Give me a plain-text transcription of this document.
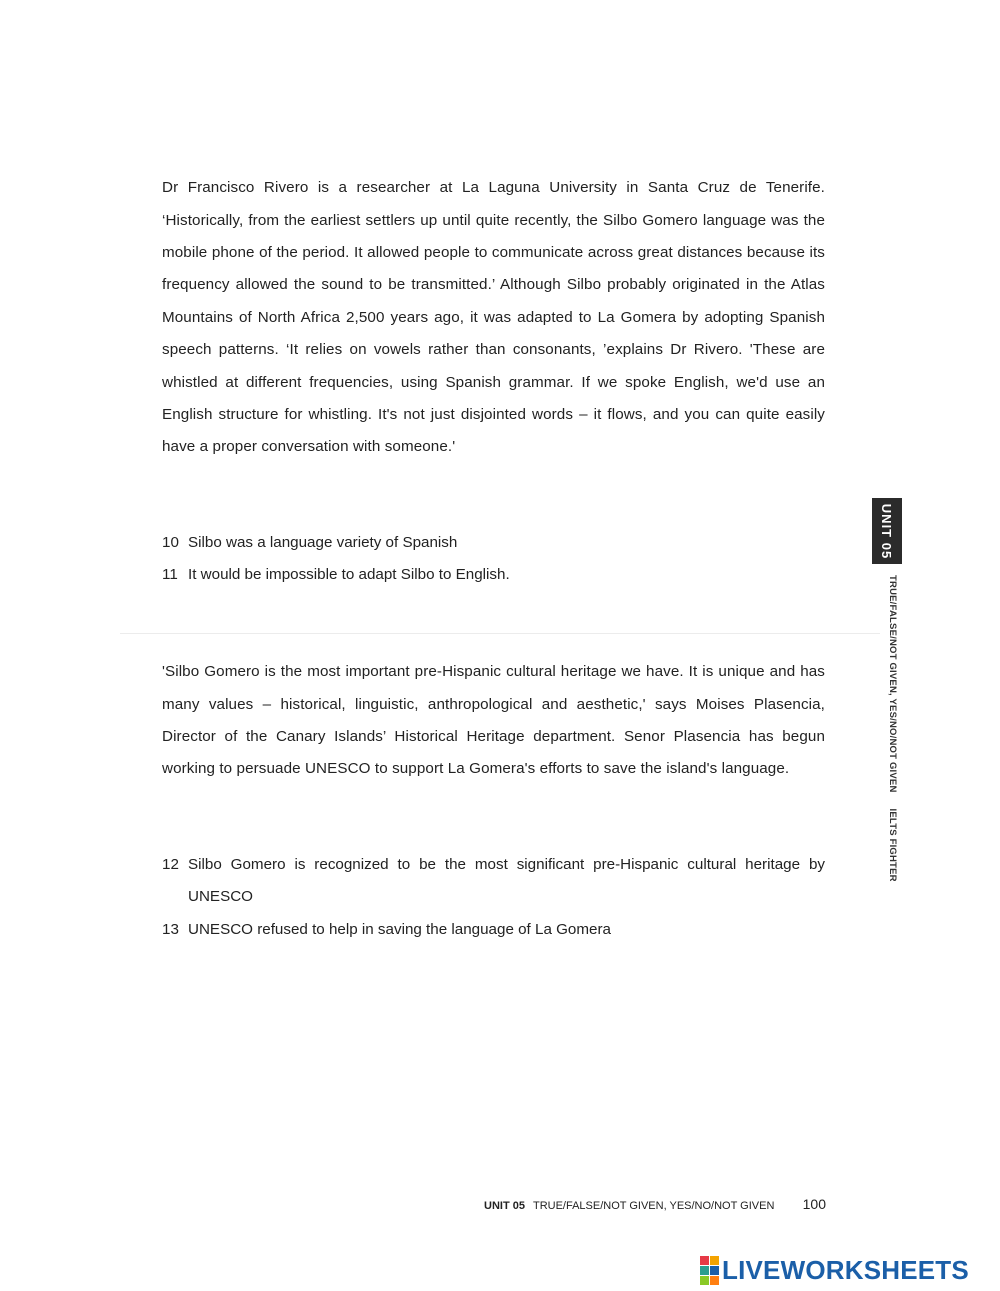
Dr Francisco Rivero is a researcher at La Laguna University in Santa Cruz de Tenerife. ‘Historically, from the earliest settlers up until quite recently, the Silbo Gomero language was the mobile phone of the period. It allowed people to communicate across great distances because its frequency allowed the sound to be transmitted.’ Although Silbo probably originated in the Atlas Mountains of North Africa 2,500 years ago, it was adapted to La Gomera by adopting Spanish speech patterns. ‘It relies on vowels rather than consonants, ’explains Dr Rivero. 'These are whistled at different frequencies, using Spanish grammar. If we spoke English, we'd use an English structure for whistling. It's not just disjointed words – it flows, and you can quite easily have a proper conversation with someone.'

10 Silbo was a language variety of Spanish
11 It would be impossible to adapt Silbo to English.

'Silbo Gomero is the most important pre-Hispanic cultural heritage we have. It is unique and has many values – historical, linguistic, anthropological and aesthetic,' says Moises Plasencia, Director of the Canary Islands’ Historical Heritage department. Senor Plasencia has begun working to persuade UNESCO to support La Gomera's efforts to save the island's language.

12 Silbo Gomero is recognized to be the most significant pre-Hispanic cultural heritage by UNESCO
13 UNESCO refused to help in saving the language of La Gomera
UNIT 05
TRUE/FALSE/NOT GIVEN, YES/NO/NOT GIVENIELTS FIGHTER
UNIT 05 TRUE/FALSE/NOT GIVEN, YES/NO/NOT GIVEN	100
LIVEWORKSHEETS
